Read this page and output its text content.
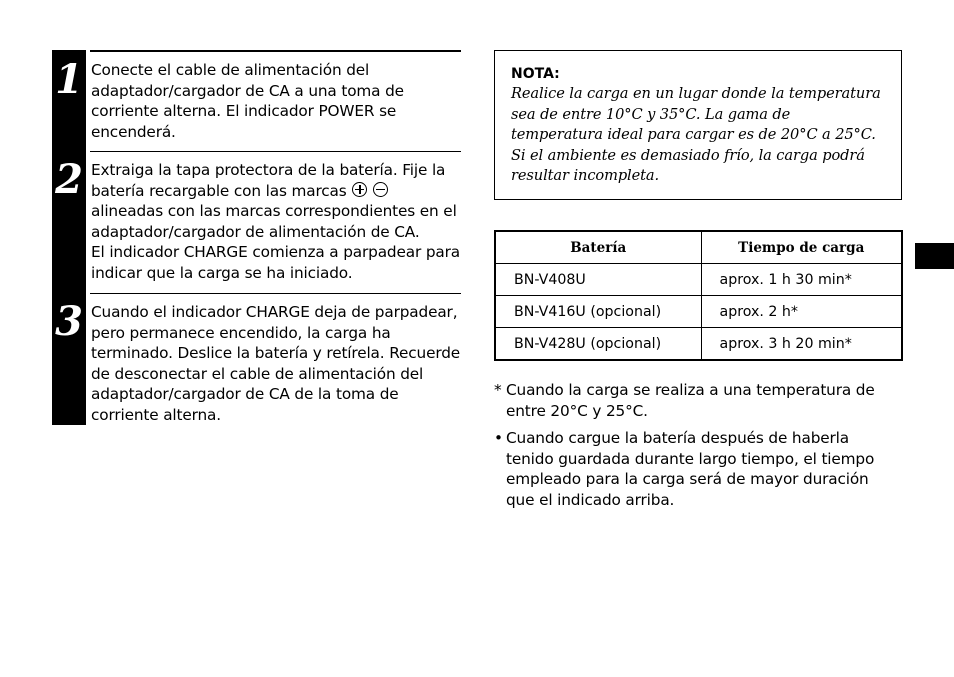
1
2
3

Conecte el cable de alimentación del adaptador/cargador de CA a una toma de corriente alterna. El indicador POWER se encenderá.

Extraiga la tapa protectora de la batería. Fije la batería recargable con las marcas
alineadas con las marcas correspondientes en el adaptador/cargador de alimentación de CA.

El indicador CHARGE comienza a parpadear para indicar que la carga se ha iniciado.

Cuando el indicador CHARGE deja de parpadear, pero permanece encendido, la carga ha terminado. Deslice la batería y retírela. Recuerde de desconectar el cable de alimentación del adaptador/cargador de CA de la toma de corriente alterna.

NOTA:
Realice la carga en un lugar donde la temperatura sea de entre 10°C y 35°C. La gama de temperatura ideal para cargar es de 20°C a 25°C. Si el ambiente es demasiado frío, la carga podrá resultar incompleta.
Batería	Tiempo de carga
BN-V408U	aprox. 1 h 30 min*
BN-V416U (opcional)	aprox. 2 h*
BN-V428U (opcional)	aprox. 3 h 20 min*
* Cuando la carga se realiza a una temperatura de entre 20°C y 25°C.
• Cuando cargue la batería después de haberla tenido guardada durante largo tiempo, el tiempo empleado para la carga será de mayor duración que el indicado arriba.
